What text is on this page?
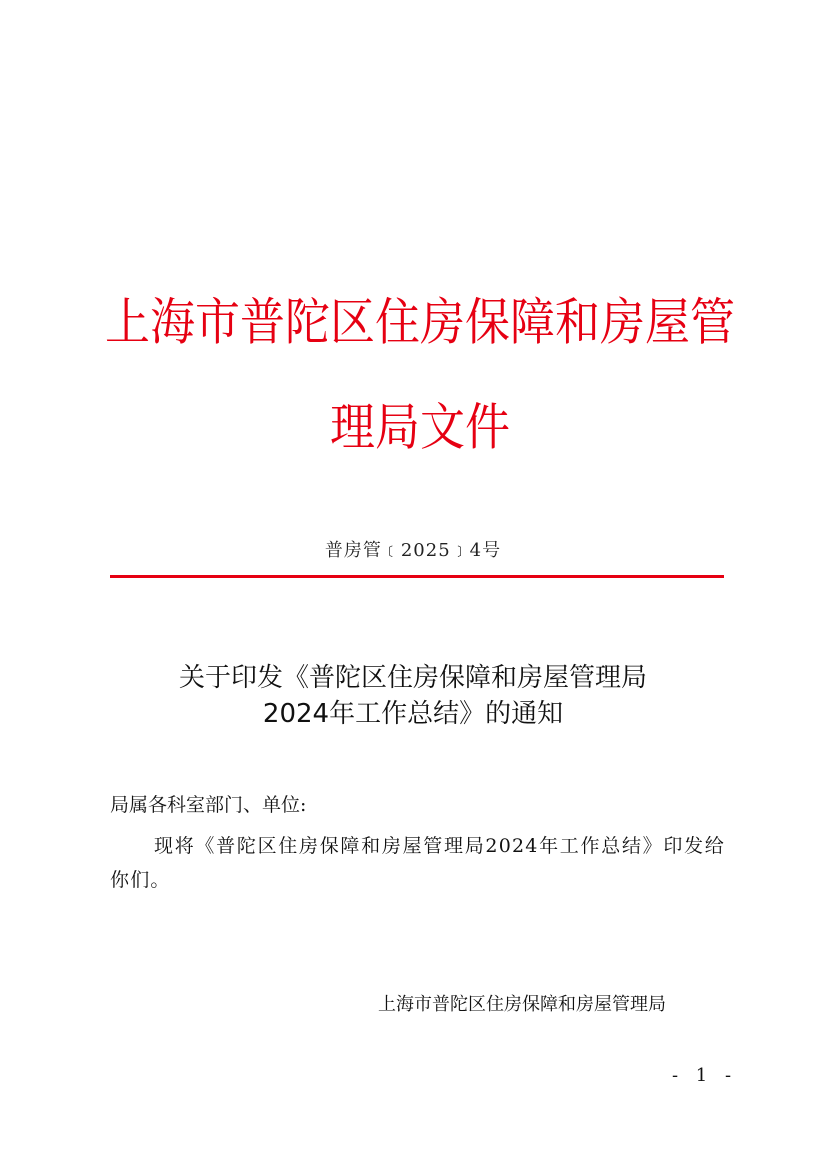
上海市普陀区住房保障和房屋管理局文件
普房管﹝2025﹞4号
关于印发《普陀区住房保障和房屋管理局
2024年工作总结》的通知
局属各科室部门、单位:
现将《普陀区住房保障和房屋管理局2024年工作总结》印发给你们。
上海市普陀区住房保障和房屋管理局
- 1 -
